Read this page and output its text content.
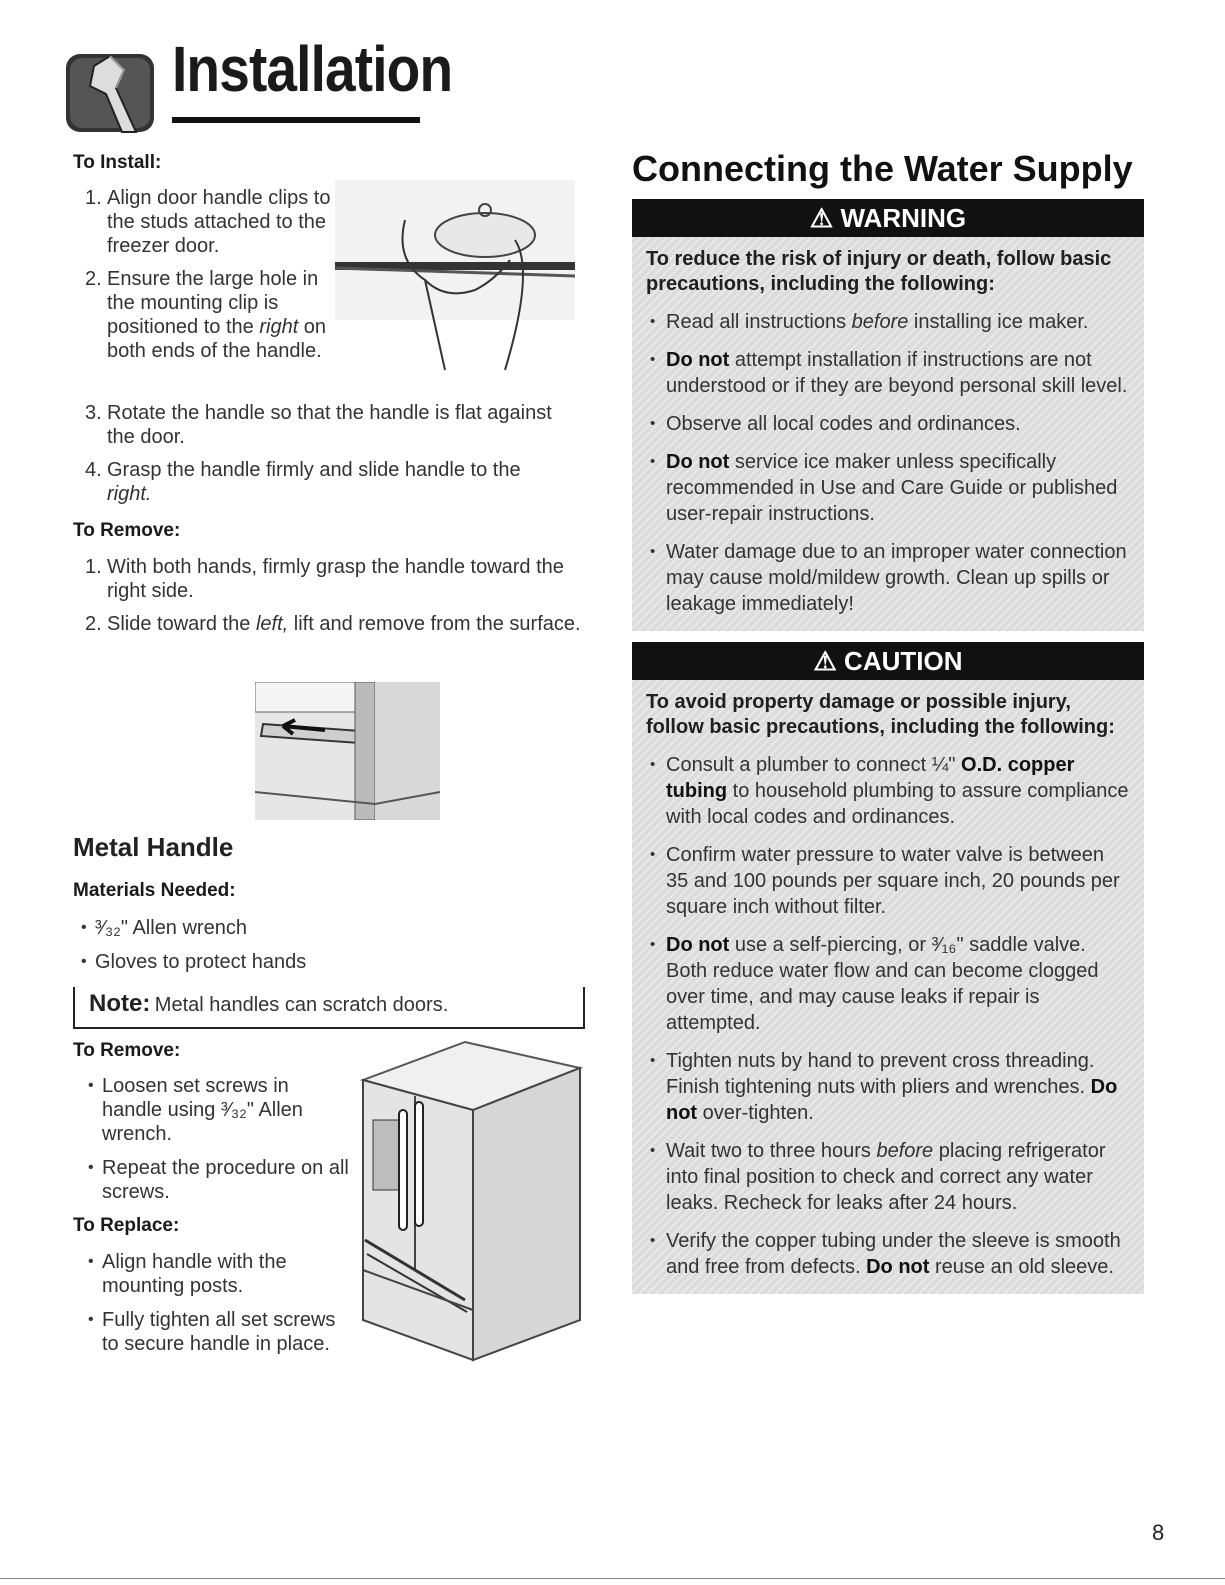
Installation
To Install:
1. Align door handle clips to the studs attached to the freezer door.
2. Ensure the large hole in the mounting clip is positioned to the right on both ends of the handle.
3. Rotate the handle so that the handle is flat against the door.
4. Grasp the handle firmly and slide handle to the
right.
To Remove:
1. With both hands, firmly grasp the handle toward the right side.
2. Slide toward the left, lift and remove from the surface.
Metal Handle
Materials Needed:
• ³⁄₃₂" Allen wrench
• Gloves to protect hands
Note: Metal handles can scratch doors.
To Remove:
• Loosen set screws in handle using ³⁄₃₂" Allen wrench.
• Repeat the procedure on all screws.
To Replace:
• Align handle with the mounting posts.
• Fully tighten all set screws to secure handle in place.
Connecting the Water Supply
⚠ WARNING
To reduce the risk of injury or death, follow basic precautions, including the following:
• Read all instructions before installing ice maker.
• Do not attempt installation if instructions are not understood or if they are beyond personal skill level.
• Observe all local codes and ordinances.
• Do not service ice maker unless specifically recommended in Use and Care Guide or published user-repair instructions.
• Water damage due to an improper water connection may cause mold/mildew growth. Clean up spills or leakage immediately!
⚠ CAUTION
To avoid property damage or possible injury, follow basic precautions, including the following:
• Consult a plumber to connect ¼" O.D. copper tubing to household plumbing to assure compliance with local codes and ordinances.
• Confirm water pressure to water valve is between 35 and 100 pounds per square inch, 20 pounds per square inch without filter.
• Do not use a self-piercing, or ³⁄₁₆" saddle valve. Both reduce water flow and can become clogged over time, and may cause leaks if repair is attempted.
• Tighten nuts by hand to prevent cross threading. Finish tightening nuts with pliers and wrenches. Do not over-tighten.
• Wait two to three hours before placing refrigerator into final position to check and correct any water leaks. Recheck for leaks after 24 hours.
• Verify the copper tubing under the sleeve is smooth and free from defects. Do not reuse an old sleeve.
8
